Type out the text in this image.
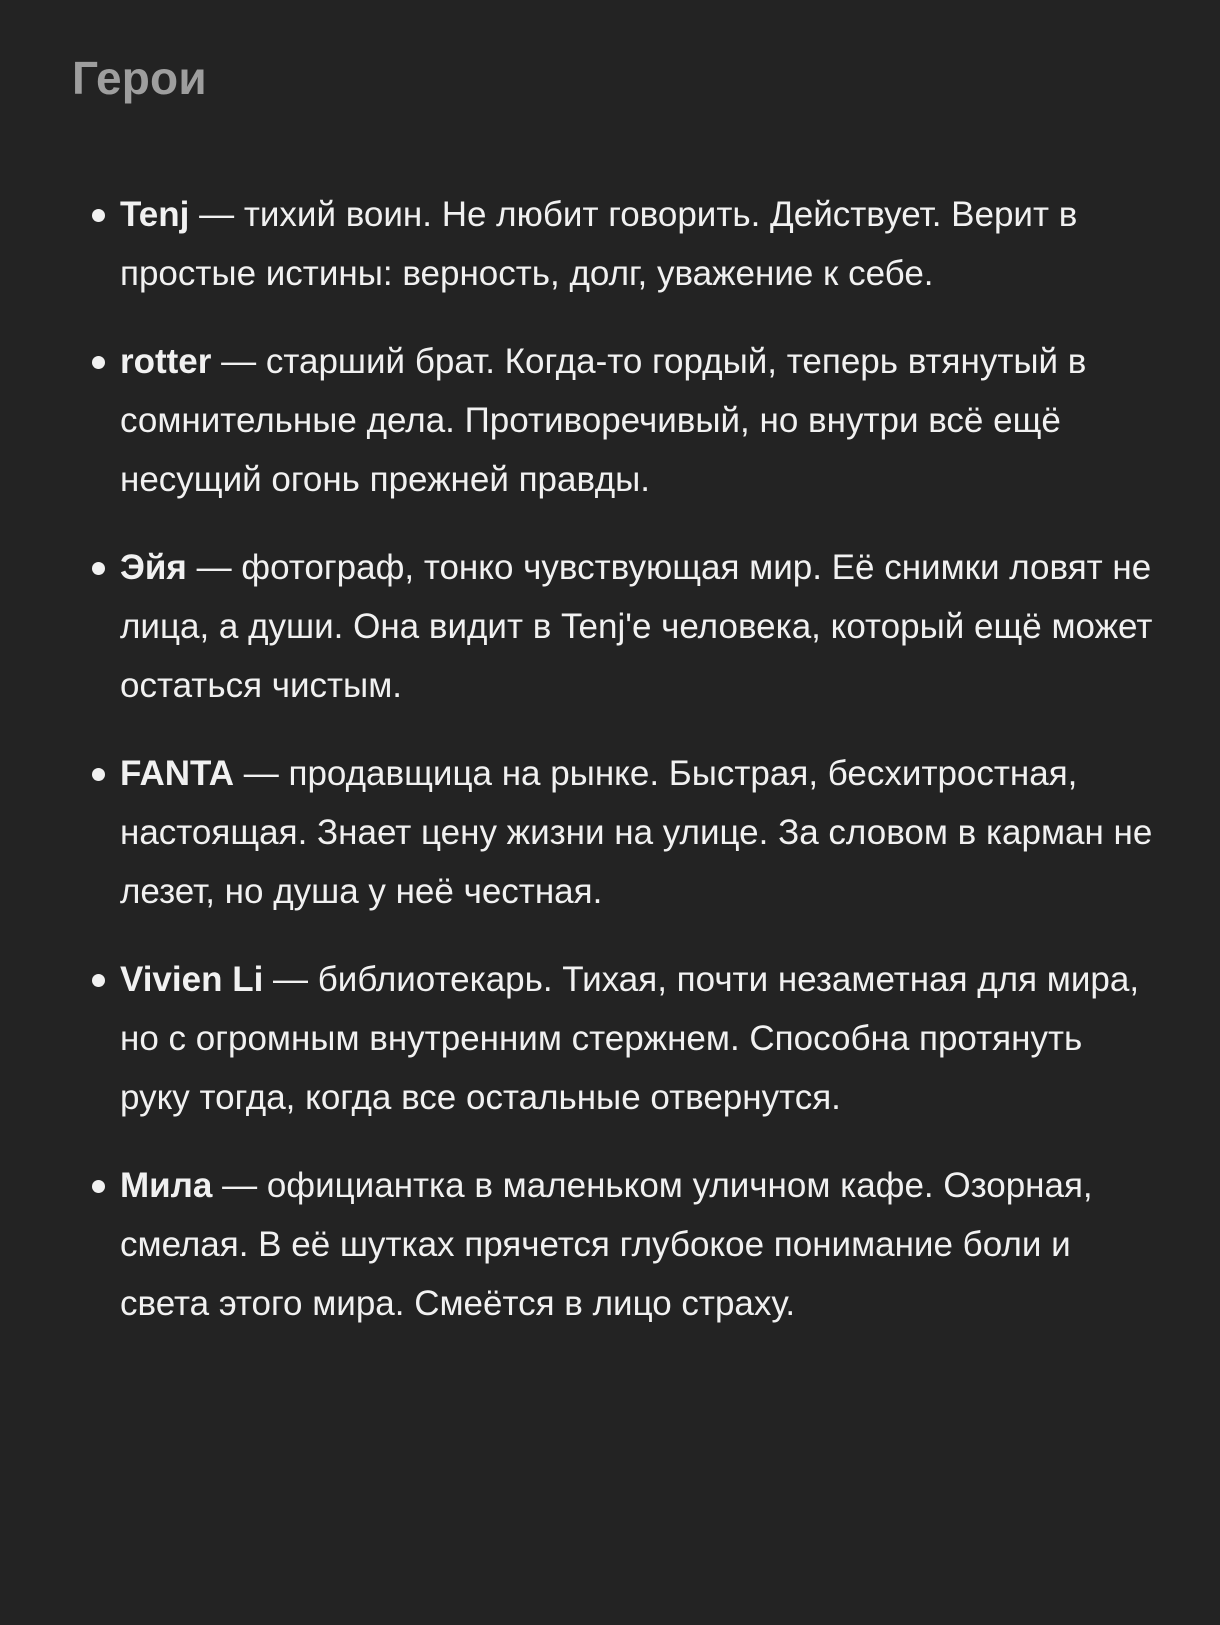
Герои
Tenj — тихий воин. Не любит говорить. Действует. Верит в простые истины: верность, долг, уважение к себе.
rotter — старший брат. Когда-то гордый, теперь втянутый в сомнительные дела. Противоречивый, но внутри всё ещё несущий огонь прежней правды.
Эйя — фотограф, тонко чувствующая мир. Её снимки ловят не лица, а души. Она видит в Tenj'е человека, который ещё может остаться чистым.
FANTA — продавщица на рынке. Быстрая, бесхитростная, настоящая. Знает цену жизни на улице. За словом в карман не лезет, но душа у неё честная.
Vivien Li — библиотекарь. Тихая, почти незаметная для мира, но с огромным внутренним стержнем. Способна протянуть руку тогда, когда все остальные отвернутся.
Мила — официантка в маленьком уличном кафе. Озорная, смелая. В её шутках прячется глубокое понимание боли и света этого мира. Смеётся в лицо страху.
